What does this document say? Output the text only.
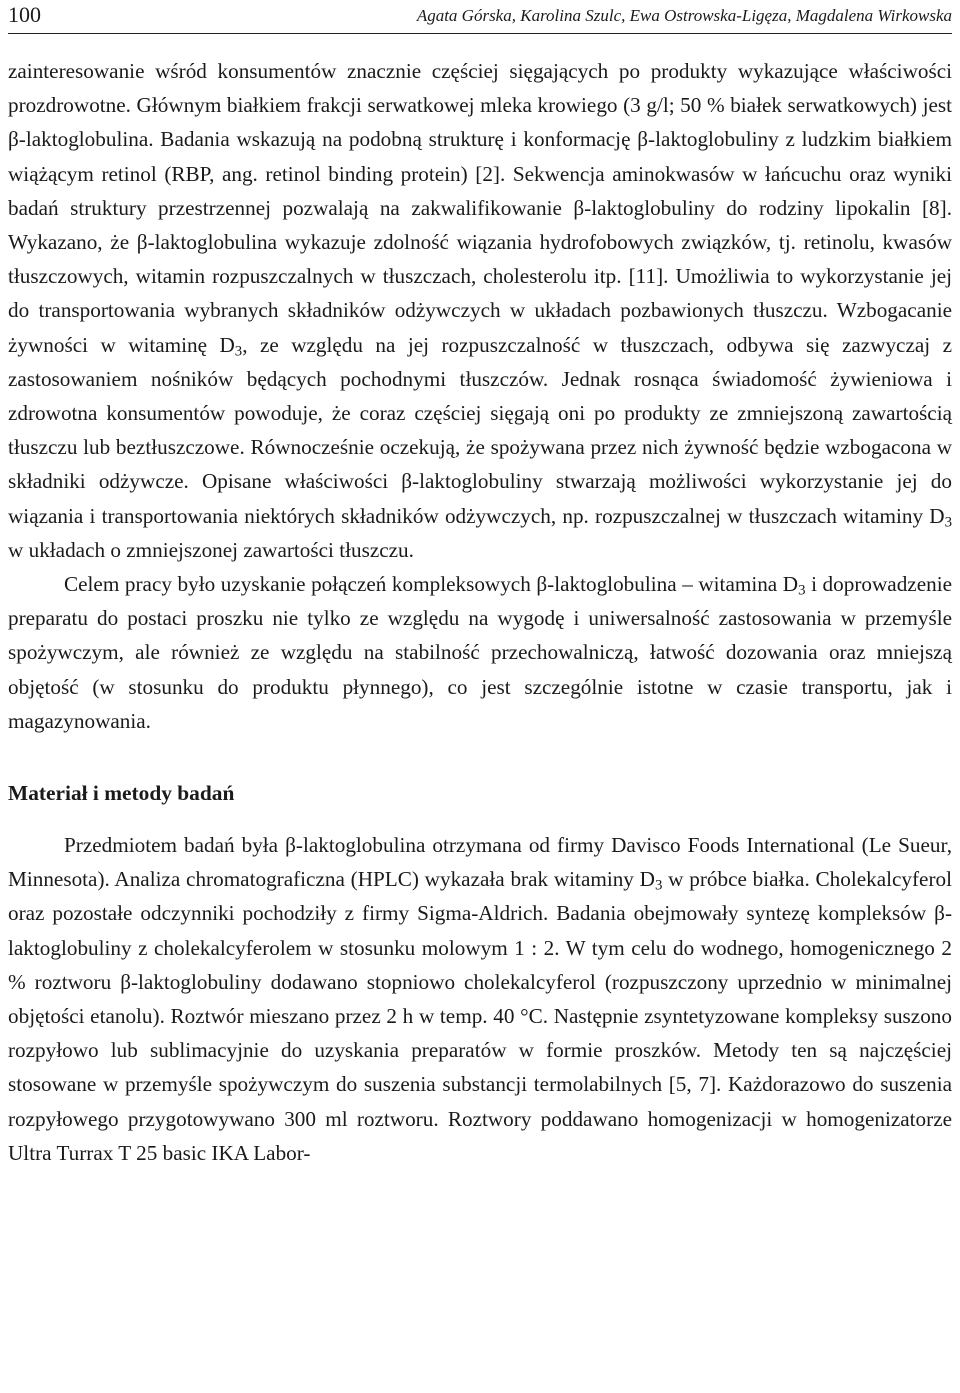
100	Agata Górska, Karolina Szulc, Ewa Ostrowska-Ligęza, Magdalena Wirkowska

zainteresowanie wśród konsumentów znacznie częściej sięgających po produkty wykazujące właściwości prozdrowotne. Głównym białkiem frakcji serwatkowej mleka krowiego (3 g/l; 50 % białek serwatkowych) jest β-laktoglobulina. Badania wskazują na podobną strukturę i konformację β-laktoglobuliny z ludzkim białkiem wiążącym retinol (RBP, ang. retinol binding protein) [2]. Sekwencja aminokwasów w łańcuchu oraz wyniki badań struktury przestrzennej pozwalają na zakwalifikowanie β-laktoglobuliny do rodziny lipokalin [8]. Wykazano, że β-laktoglobulina wykazuje zdolność wiązania hydrofobowych związków, tj. retinolu, kwasów tłuszczowych, witamin rozpuszczalnych w tłuszczach, cholesterolu itp. [11]. Umożliwia to wykorzystanie jej do transportowania wybranych składników odżywczych w układach pozbawionych tłuszczu. Wzbogacanie żywności w witaminę $D_3$, ze względu na jej rozpuszczalność w tłuszczach, odbywa się zazwyczaj z zastosowaniem nośników będących pochodnymi tłuszczów. Jednak rosnąca świadomość żywieniowa i zdrowotna konsumentów powoduje, że coraz częściej sięgają oni po produkty ze zmniejszoną zawartością tłuszczu lub beztłuszczowe. Równocześnie oczekują, że spożywana przez nich żywność będzie wzbogacona w składniki odżywcze. Opisane właściwości β-laktoglobuliny stwarzają możliwości wykorzystanie jej do wiązania i transportowania niektórych składników odżywczych, np. rozpuszczalnej w tłuszczach witaminy $D_3$ w układach o zmniejszonej zawartości tłuszczu.

Celem pracy było uzyskanie połączeń kompleksowych β-laktoglobulina – witamina $D_3$ i doprowadzenie preparatu do postaci proszku nie tylko ze względu na wygodę i uniwersalność zastosowania w przemyśle spożywczym, ale również ze względu na stabilność przechowalniczą, łatwość dozowania oraz mniejszą objętość (w stosunku do produktu płynnego), co jest szczególnie istotne w czasie transportu, jak i magazynowania.

Materiał i metody badań

Przedmiotem badań była β-laktoglobulina otrzymana od firmy Davisco Foods International (Le Sueur, Minnesota). Analiza chromatograficzna (HPLC) wykazała brak witaminy $D_3$ w próbce białka. Cholekalcyferol oraz pozostałe odczynniki pochodziły z firmy Sigma-Aldrich. Badania obejmowały syntezę kompleksów β-laktoglobuliny z cholekalcyferolem w stosunku molowym 1 : 2. W tym celu do wodnego, homogenicznego 2 % roztworu β-laktoglobuliny dodawano stopniowo cholekalcyferol (rozpuszczony uprzednio w minimalnej objętości etanolu). Roztwór mieszano przez 2 h w temp. 40 °C. Następnie zsyntetyzowane kompleksy suszono rozpyłowo lub sublimacyjnie do uzyskania preparatów w formie proszków. Metody ten są najczęściej stosowane w przemyśle spożywczym do suszenia substancji termolabilnych [5, 7]. Każdorazowo do suszenia rozpyłowego przygotowywano 300 ml roztworu. Roztwory poddawano homogenizacji w homogenizatorze Ultra Turrax T 25 basic IKA Labor-
